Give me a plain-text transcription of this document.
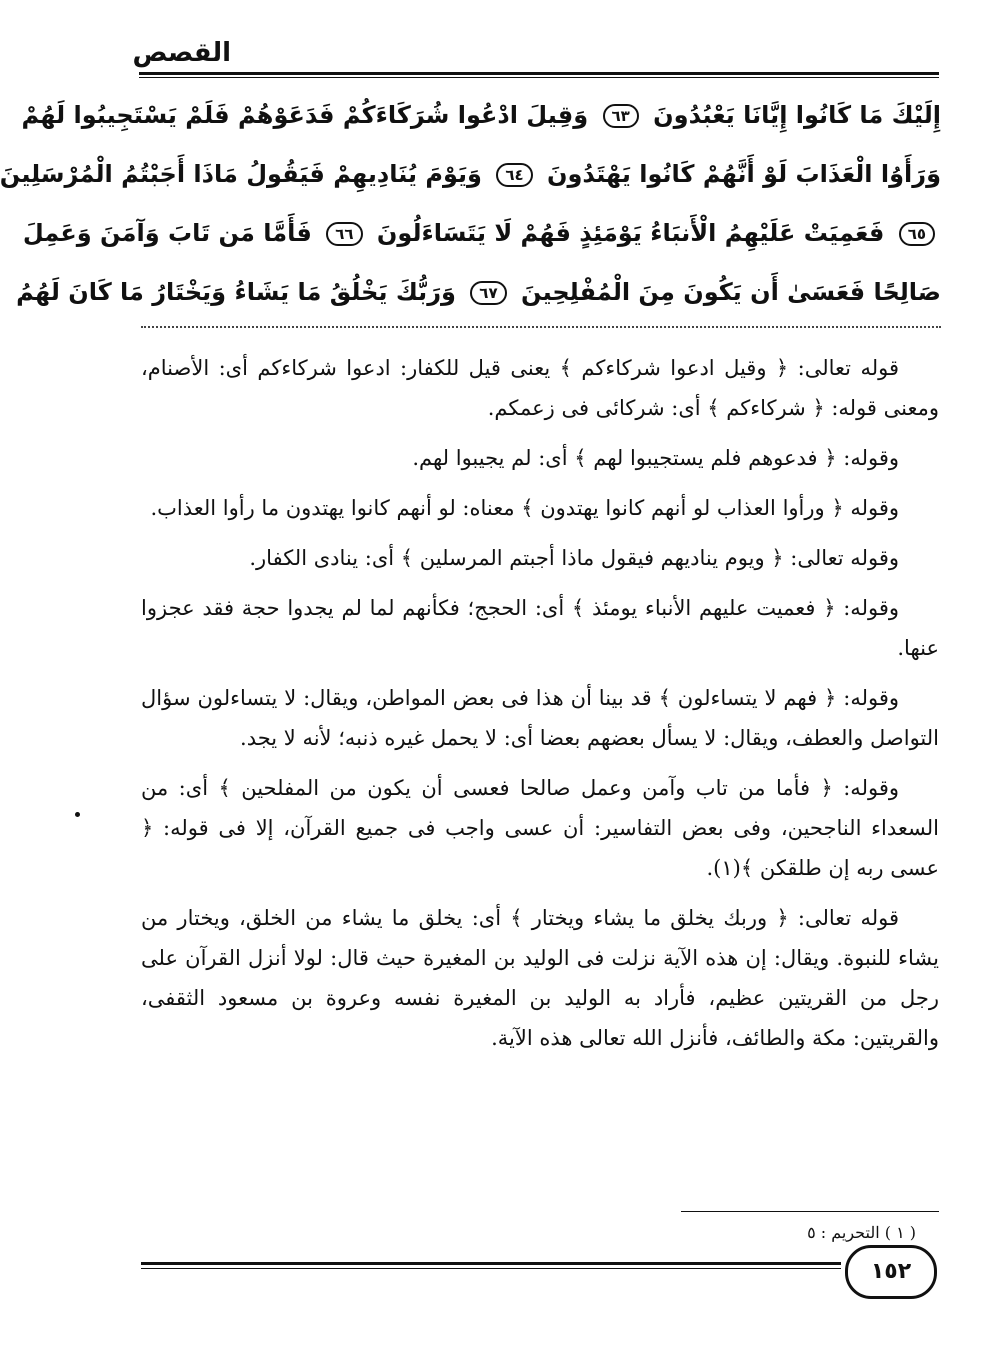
القصص
إِلَيْكَ مَا كَانُوا إِيَّانَا يَعْبُدُونَ ٦٣ وَقِيلَ ادْعُوا شُرَكَاءَكُمْ فَدَعَوْهُمْ فَلَمْ يَسْتَجِيبُوا لَهُمْ
وَرَأَوُا الْعَذَابَ لَوْ أَنَّهُمْ كَانُوا يَهْتَدُونَ ٦٤ وَيَوْمَ يُنَادِيهِمْ فَيَقُولُ مَاذَا أَجَبْتُمُ الْمُرْسَلِينَ
٦٥ فَعَمِيَتْ عَلَيْهِمُ الْأَنبَاءُ يَوْمَئِذٍ فَهُمْ لَا يَتَسَاءَلُونَ ٦٦ فَأَمَّا مَن تَابَ وَآمَنَ وَعَمِلَ
صَالِحًا فَعَسَىٰ أَن يَكُونَ مِنَ الْمُفْلِحِينَ ٦٧ وَرَبُّكَ يَخْلُقُ مَا يَشَاءُ وَيَخْتَارُ مَا كَانَ لَهُمُ

قوله تعالى: ﴿ وقيل ادعوا شركاءكم ﴾ يعنى قيل للكفار: ادعوا شركاءكم أى: الأصنام، ومعنى قوله: ﴿ شركاءكم ﴾ أى: شركائى فى زعمكم.

وقوله: ﴿ فدعوهم فلم يستجيبوا لهم ﴾ أى: لم يجيبوا لهم.

وقوله ﴿ ورأوا العذاب لو أنهم كانوا يهتدون ﴾ معناه: لو أنهم كانوا يهتدون ما رأوا العذاب.

وقوله تعالى: ﴿ ويوم يناديهم فيقول ماذا أجبتم المرسلين ﴾ أى: ينادى الكفار.

وقوله: ﴿ فعميت عليهم الأنباء يومئذ ﴾ أى: الحجج؛ فكأنهم لما لم يجدوا حجة فقد عجزوا عنها.

وقوله: ﴿ فهم لا يتساءلون ﴾ قد بينا أن هذا فى بعض المواطن، ويقال: لا يتساءلون سؤال التواصل والعطف، ويقال: لا يسأل بعضهم بعضا أى: لا يحمل غيره ذنبه؛ لأنه لا يجد.

وقوله: ﴿ فأما من تاب وآمن وعمل صالحا فعسى أن يكون من المفلحين ﴾ أى: من السعداء الناجحين، وفى بعض التفاسير: أن عسى واجب فى جميع القرآن، إلا فى قوله: ﴿ عسى ربه إن طلقكن ﴾(١).

قوله تعالى: ﴿ وربك يخلق ما يشاء ويختار ﴾ أى: يخلق ما يشاء من الخلق، ويختار من يشاء للنبوة. ويقال: إن هذه الآية نزلت فى الوليد بن المغيرة حيث قال: لولا أنزل القرآن على رجل من القريتين عظيم، فأراد به الوليد بن المغيرة نفسه وعروة بن مسعود الثقفى، والقريتين: مكة والطائف، فأنزل الله تعالى هذه الآية.

( ١ ) التحريم : ٥
١٥٢
